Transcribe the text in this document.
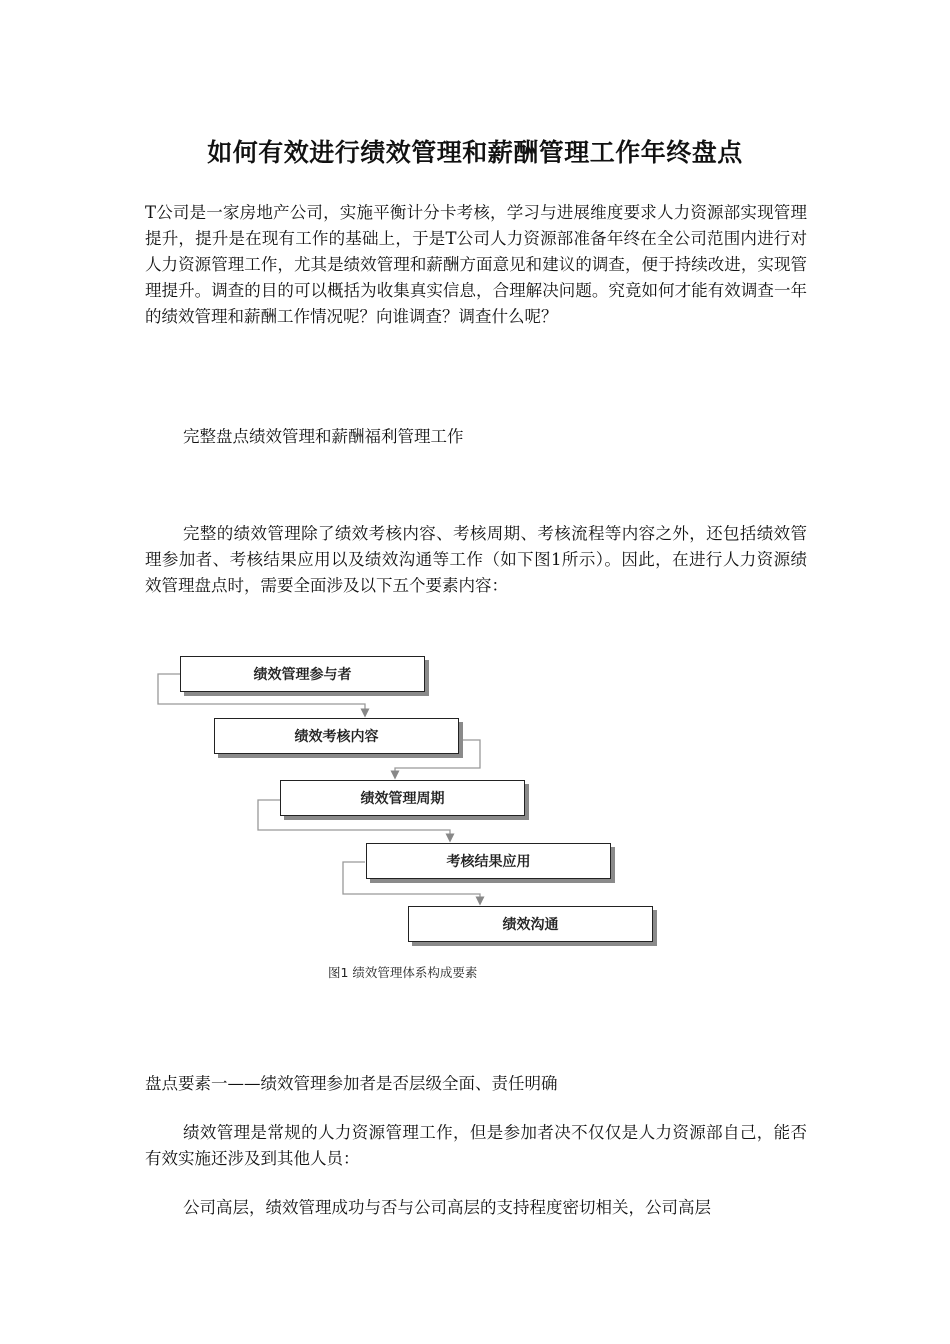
如何有效进行绩效管理和薪酬管理工作年终盘点

T公司是一家房地产公司，实施平衡计分卡考核，学习与进展维度要求人力资源部实现管理提升，提升是在现有工作的基础上，于是T公司人力资源部准备年终在全公司范围内进行对人力资源管理工作，尤其是绩效管理和薪酬方面意见和建议的调查，便于持续改进，实现管理提升。调查的目的可以概括为收集真实信息，合理解决问题。究竟如何才能有效调查一年的绩效管理和薪酬工作情况呢？向谁调查？调查什么呢？

完整盘点绩效管理和薪酬福利管理工作

完整的绩效管理除了绩效考核内容、考核周期、考核流程等内容之外，还包括绩效管理参加者、考核结果应用以及绩效沟通等工作（如下图1所示）。因此，在进行人力资源绩效管理盘点时，需要全面涉及以下五个要素内容：

绩效管理参与者
绩效考核内容
绩效管理周期
考核结果应用
绩效沟通
图1 绩效管理体系构成要素

盘点要素一——绩效管理参加者是否层级全面、责任明确

绩效管理是常规的人力资源管理工作，但是参加者决不仅仅是人力资源部自己，能否有效实施还涉及到其他人员：

公司高层，绩效管理成功与否与公司高层的支持程度密切相关，公司高层
